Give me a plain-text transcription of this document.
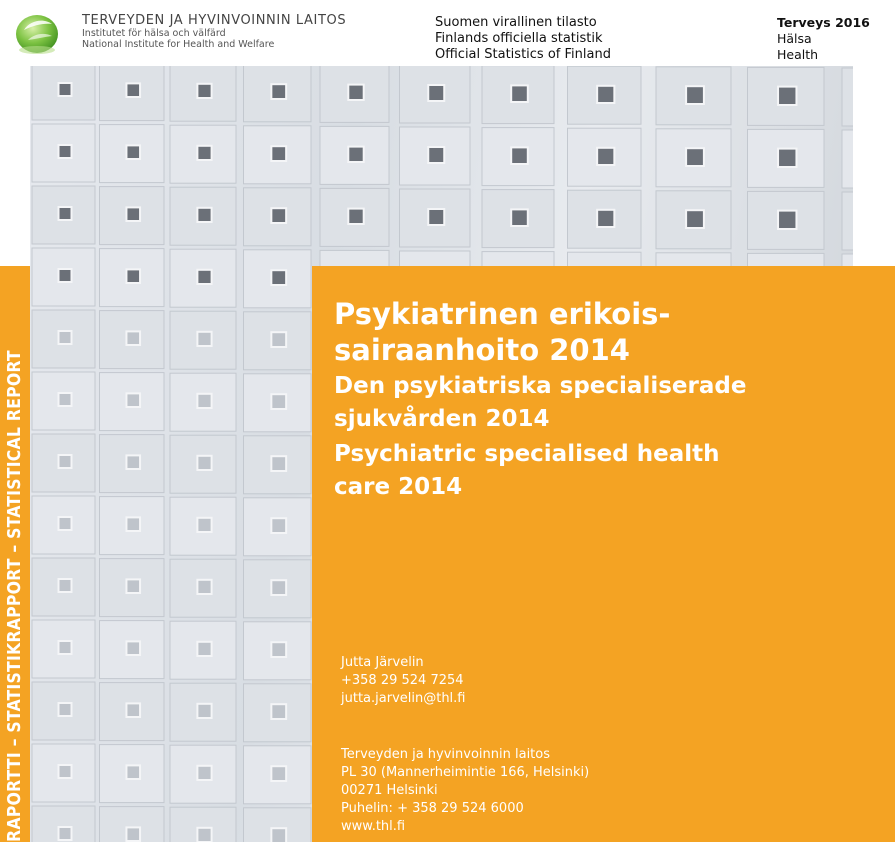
TERVEYDEN JA HYVINVOINNIN LAITOS
Institutet för hälsa och välfärd
National Institute for Health and Welfare
Suomen virallinen tilasto
Finlands officiella statistik
Official Statistics of Finland
Terveys 2016
Hälsa
Health
RAPORTTI – STATISTIKRAPPORT – STATISTICAL REPORT
Psykiatrinen erikois-
sairaanhoito 2014
Den psykiatriska specialiserade
sjukvården 2014
Psychiatric specialised health
care 2014
Jutta Järvelin
+358 29 524 7254
jutta.jarvelin@thl.fi
Terveyden ja hyvinvoinnin laitos
PL 30 (Mannerheimintie 166, Helsinki)
00271 Helsinki
Puhelin: + 358 29 524 6000
www.thl.fi
